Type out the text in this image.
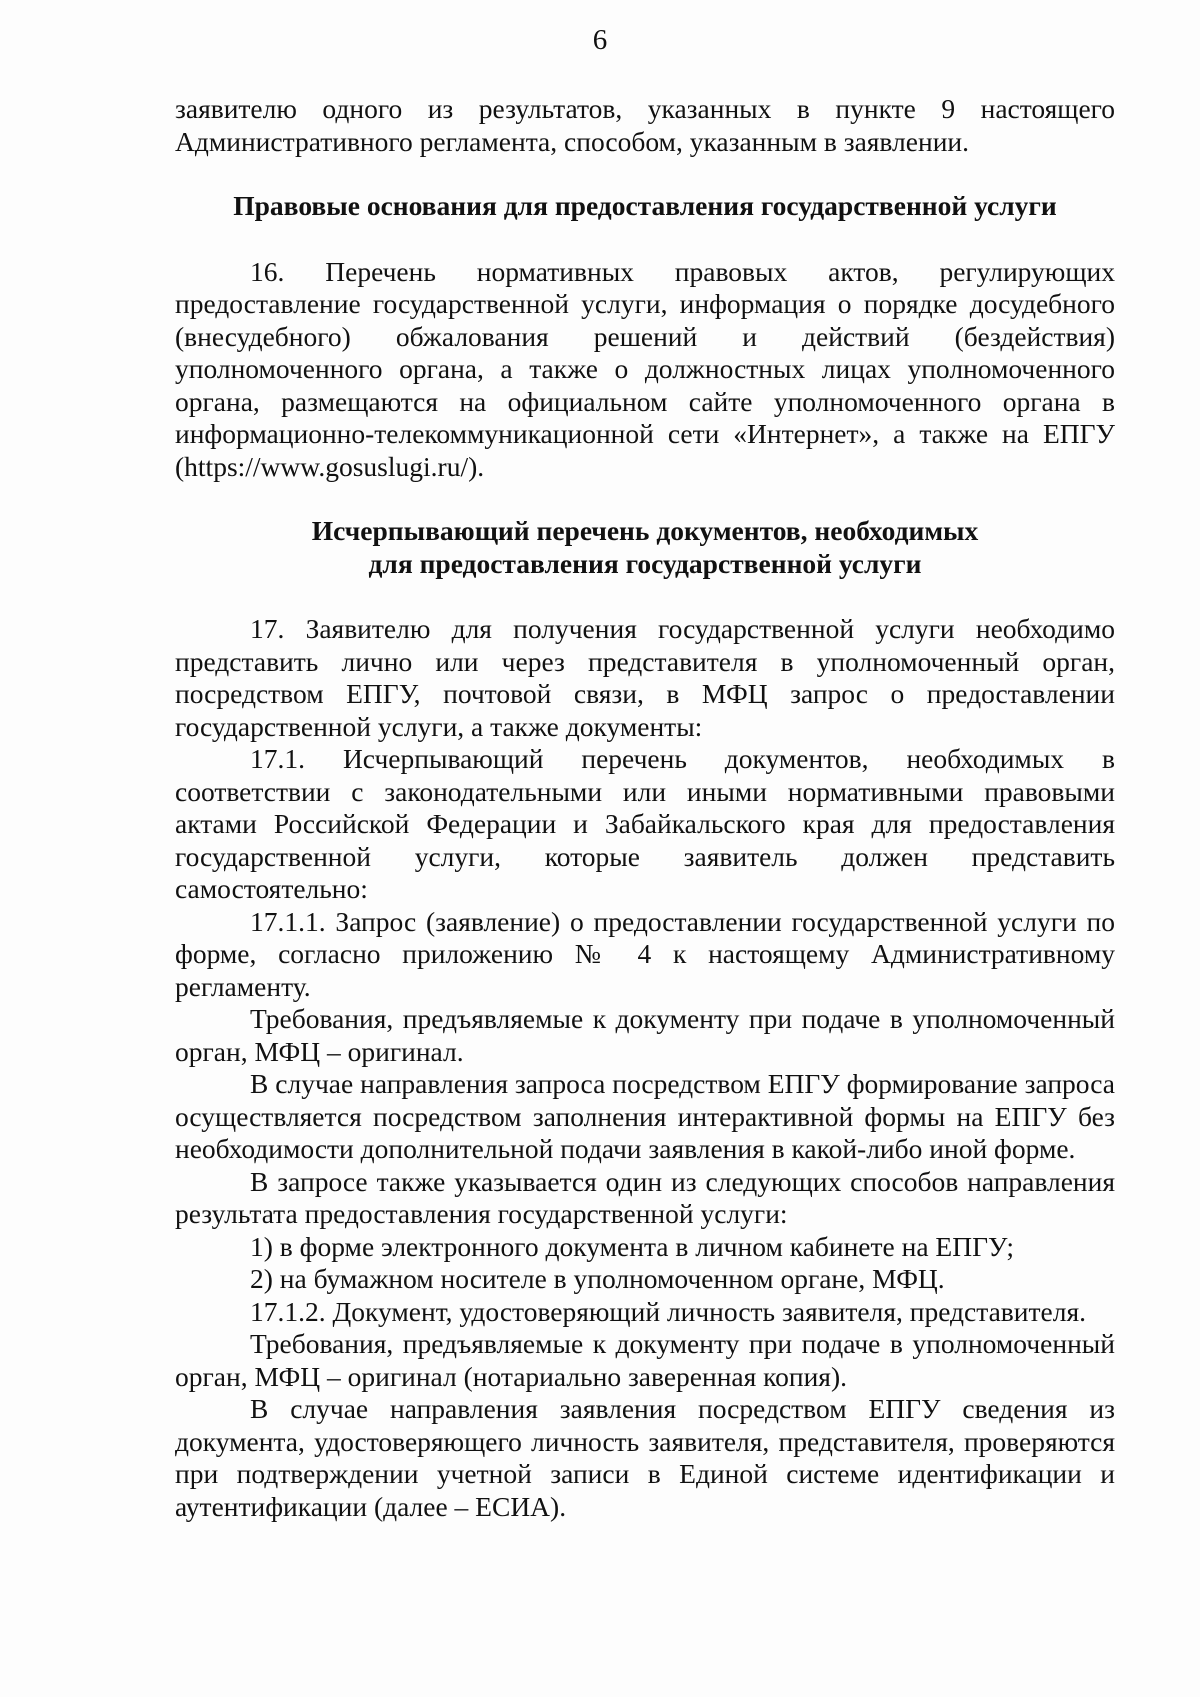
6

заявителю одного из результатов, указанных в пункте 9 настоящего Административного регламента, способом, указанным в заявлении.

Правовые основания для предоставления государственной услуги

16. Перечень нормативных правовых актов, регулирующих предоставление государственной услуги, информация о порядке досудебного (внесудебного) обжалования решений и действий (бездействия) уполномоченного органа, а также о должностных лицах уполномоченного органа, размещаются на официальном сайте уполномоченного органа в информационно-телекоммуникационной сети «Интернет», а также на ЕПГУ (https://www.gosuslugi.ru/).

Исчерпывающий перечень документов, необходимых

для предоставления государственной услуги

17. Заявителю для получения государственной услуги необходимо представить лично или через представителя в уполномоченный орган, посредством ЕПГУ, почтовой связи, в МФЦ запрос о предоставлении государственной услуги, а также документы:

17.1. Исчерпывающий перечень документов, необходимых в соответствии с законодательными или иными нормативными правовыми актами Российской Федерации и Забайкальского края для предоставления государственной услуги, которые заявитель должен представить самостоятельно:

17.1.1. Запрос (заявление) о предоставлении государственной услуги по форме, согласно приложению № 4 к настоящему Административному регламенту.

Требования, предъявляемые к документу при подаче в уполномоченный орган, МФЦ – оригинал.

В случае направления запроса посредством ЕПГУ формирование запроса осуществляется посредством заполнения интерактивной формы на ЕПГУ без необходимости дополнительной подачи заявления в какой-либо иной форме.

В запросе также указывается один из следующих способов направления результата предоставления государственной услуги:

1) в форме электронного документа в личном кабинете на ЕПГУ;

2) на бумажном носителе в уполномоченном органе, МФЦ.

17.1.2. Документ, удостоверяющий личность заявителя, представителя.

Требования, предъявляемые к документу при подаче в уполномоченный орган, МФЦ – оригинал (нотариально заверенная копия).

В случае направления заявления посредством ЕПГУ сведения из документа, удостоверяющего личность заявителя, представителя, проверяются при подтверждении учетной записи в Единой системе идентификации и аутентификации (далее – ЕСИА).
